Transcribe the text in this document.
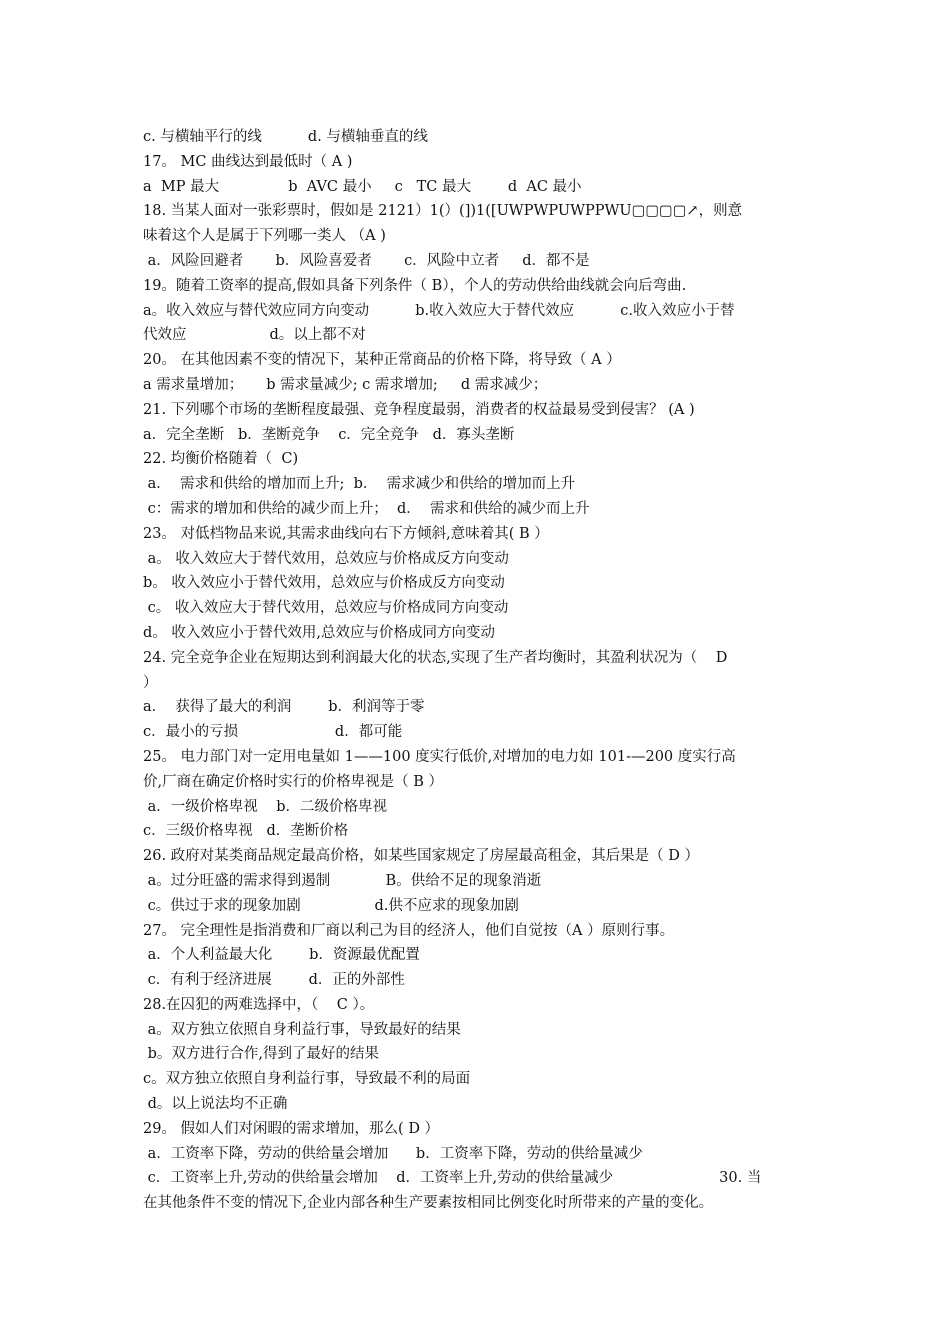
c. 与横轴平行的线          d. 与横轴垂直的线
17。 MC 曲线达到最低时（ A )
a  MP 最大               b  AVC 最小     c   TC 最大        d  AC 最小
18. 当某人面对一张彩票时，假如是 2121）1(）(])1([UWPWPUWPPWU▢▢▢▢↗，则意
味着这个人是属于下列哪一类人 （A )
a．风险回避者       b．风险喜爱者       c．风险中立者     d．都不是
19。随着工资率的提高,假如具备下列条件（ B），个人的劳动供给曲线就会向后弯曲.
a。收入效应与替代效应同方向变动          b.收入效应大于替代效应          c.收入效应小于替
代效应                  d。以上都不对
20。 在其他因素不变的情况下，某种正常商品的价格下降，将导致（ A ）
a 需求量增加；     b 需求量减少; c 需求增加;     d 需求减少；
21. 下列哪个市场的垄断程度最强、竞争程度最弱，消费者的权益最易受到侵害？ (A )
a．完全垄断   b．垄断竞争    c．完全竞争   d．寡头垄断
22. 均衡价格随着（  C)
a．  需求和供给的增加而上升;  b．  需求减少和供给的增加而上升
c：需求的增加和供给的减少而上升；  d．  需求和供给的减少而上升
23。 对低档物品来说,其需求曲线向右下方倾斜,意味着其( B ）
a。 收入效应大于替代效用，总效应与价格成反方向变动
b。 收入效应小于替代效用，总效应与价格成反方向变动
c。 收入效应大于替代效用，总效应与价格成同方向变动
d。 收入效应小于替代效用,总效应与价格成同方向变动
24. 完全竞争企业在短期达到利润最大化的状态,实现了生产者均衡时，其盈利状况为（    D
）
a．  获得了最大的利润        b．利润等于零
c．最小的亏损                     d．都可能
25。 电力部门对一定用电量如 1——100 度实行低价,对增加的电力如 101-—200 度实行高
价,厂商在确定价格时实行的价格卑视是（ B ）
a．一级价格卑视    b．二级价格卑视
c．三级价格卑视   d．垄断价格
26. 政府对某类商品规定最高价格，如某些国家规定了房屋最高租金，其后果是（ D ）
a。过分旺盛的需求得到遏制            B。供给不足的现象消逝
c。供过于求的现象加剧                d.供不应求的现象加剧
27。 完全理性是指消费和厂商以利己为目的经济人，他们自觉按（A ）原则行事。
a．个人利益最大化        b．资源最优配置
c．有利于经济进展        d．正的外部性
28.在囚犯的两难选择中，（    C ）。
a。双方独立依照自身利益行事，导致最好的结果
b。双方进行合作,得到了最好的结果
c。双方独立依照自身利益行事，导致最不利的局面
d。以上说法均不正确
29。 假如人们对闲暇的需求增加，那么( D ）
a．工资率下降，劳动的供给量会增加      b．工资率下降，劳动的供给量减少
c．工资率上升,劳动的供给量会增加    d．工资率上升,劳动的供给量减少                       30. 当
在其他条件不变的情况下,企业内部各种生产要素按相同比例变化时所带来的产量的变化。
